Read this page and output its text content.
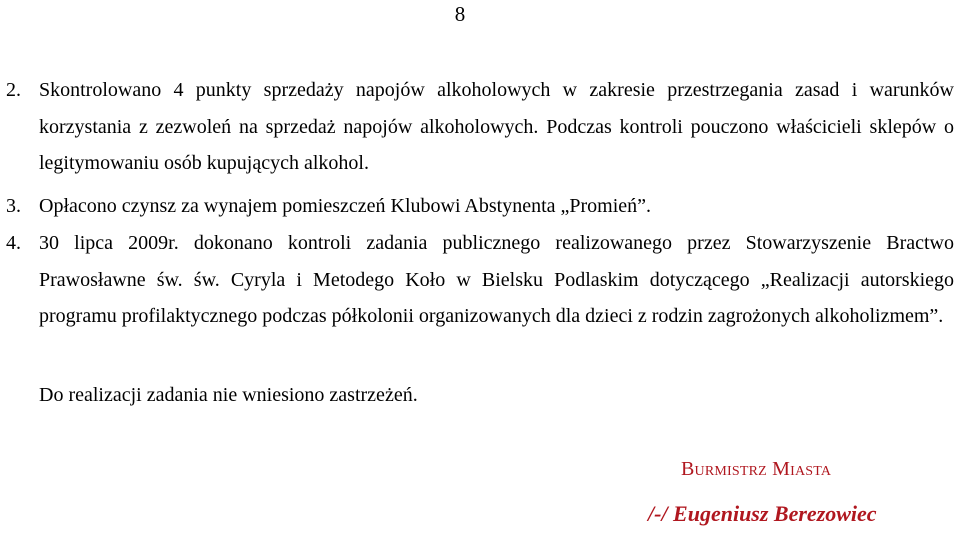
8
2. Skontrolowano 4 punkty sprzedaży napojów alkoholowych w zakresie przestrzegania zasad i warunków korzystania z zezwoleń na sprzedaż napojów alkoholowych. Podczas kontroli pouczono właścicieli sklepów o legitymowaniu osób kupujących alkohol.
3. Opłacono czynsz za wynajem pomieszczeń Klubowi Abstynenta „Promień”.
4. 30 lipca 2009r. dokonano kontroli zadania publicznego realizowanego przez Stowarzyszenie Bractwo Prawosławne św. św. Cyryla i Metodego Koło w Bielsku Podlaskim dotyczącego „Realizacji autorskiego programu profilaktycznego podczas półkolonii organizowanych dla dzieci z rodzin zagrożonych alkoholizmem”.
Do realizacji zadania nie wniesiono zastrzeżeń.
Burmistrz Miasta
/-/ Eugeniusz Berezowiec
